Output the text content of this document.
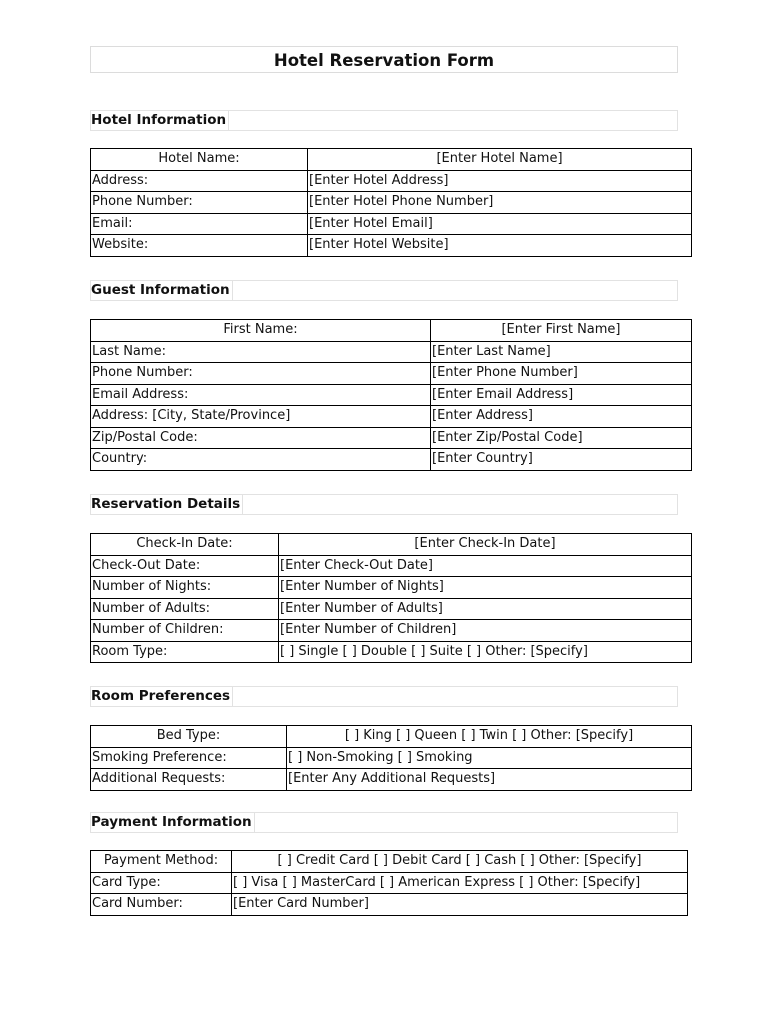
Hotel Reservation Form
Hotel Information
Hotel Name:	[Enter Hotel Name]
Address:	[Enter Hotel Address]
Phone Number:	[Enter Hotel Phone Number]
Email:	[Enter Hotel Email]
Website:	[Enter Hotel Website]
Guest Information
First Name:	[Enter First Name]
Last Name:	[Enter Last Name]
Phone Number:	[Enter Phone Number]
Email Address:	[Enter Email Address]
Address: [City, State/Province]	[Enter Address]
Zip/Postal Code:	[Enter Zip/Postal Code]
Country:	[Enter Country]
Reservation Details
Check-In Date:	[Enter Check-In Date]
Check-Out Date:	[Enter Check-Out Date]
Number of Nights:	[Enter Number of Nights]
Number of Adults:	[Enter Number of Adults]
Number of Children:	[Enter Number of Children]
Room Type:	[ ] Single [ ] Double [ ] Suite [ ] Other: [Specify]
Room Preferences
Bed Type:	[ ] King [ ] Queen [ ] Twin [ ] Other: [Specify]
Smoking Preference:	[ ] Non-Smoking [ ] Smoking
Additional Requests:	[Enter Any Additional Requests]
Payment Information
Payment Method:	[ ] Credit Card [ ] Debit Card [ ] Cash [ ] Other: [Specify]
Card Type:	[ ] Visa [ ] MasterCard [ ] American Express [ ] Other: [Specify]
Card Number:	[Enter Card Number]
